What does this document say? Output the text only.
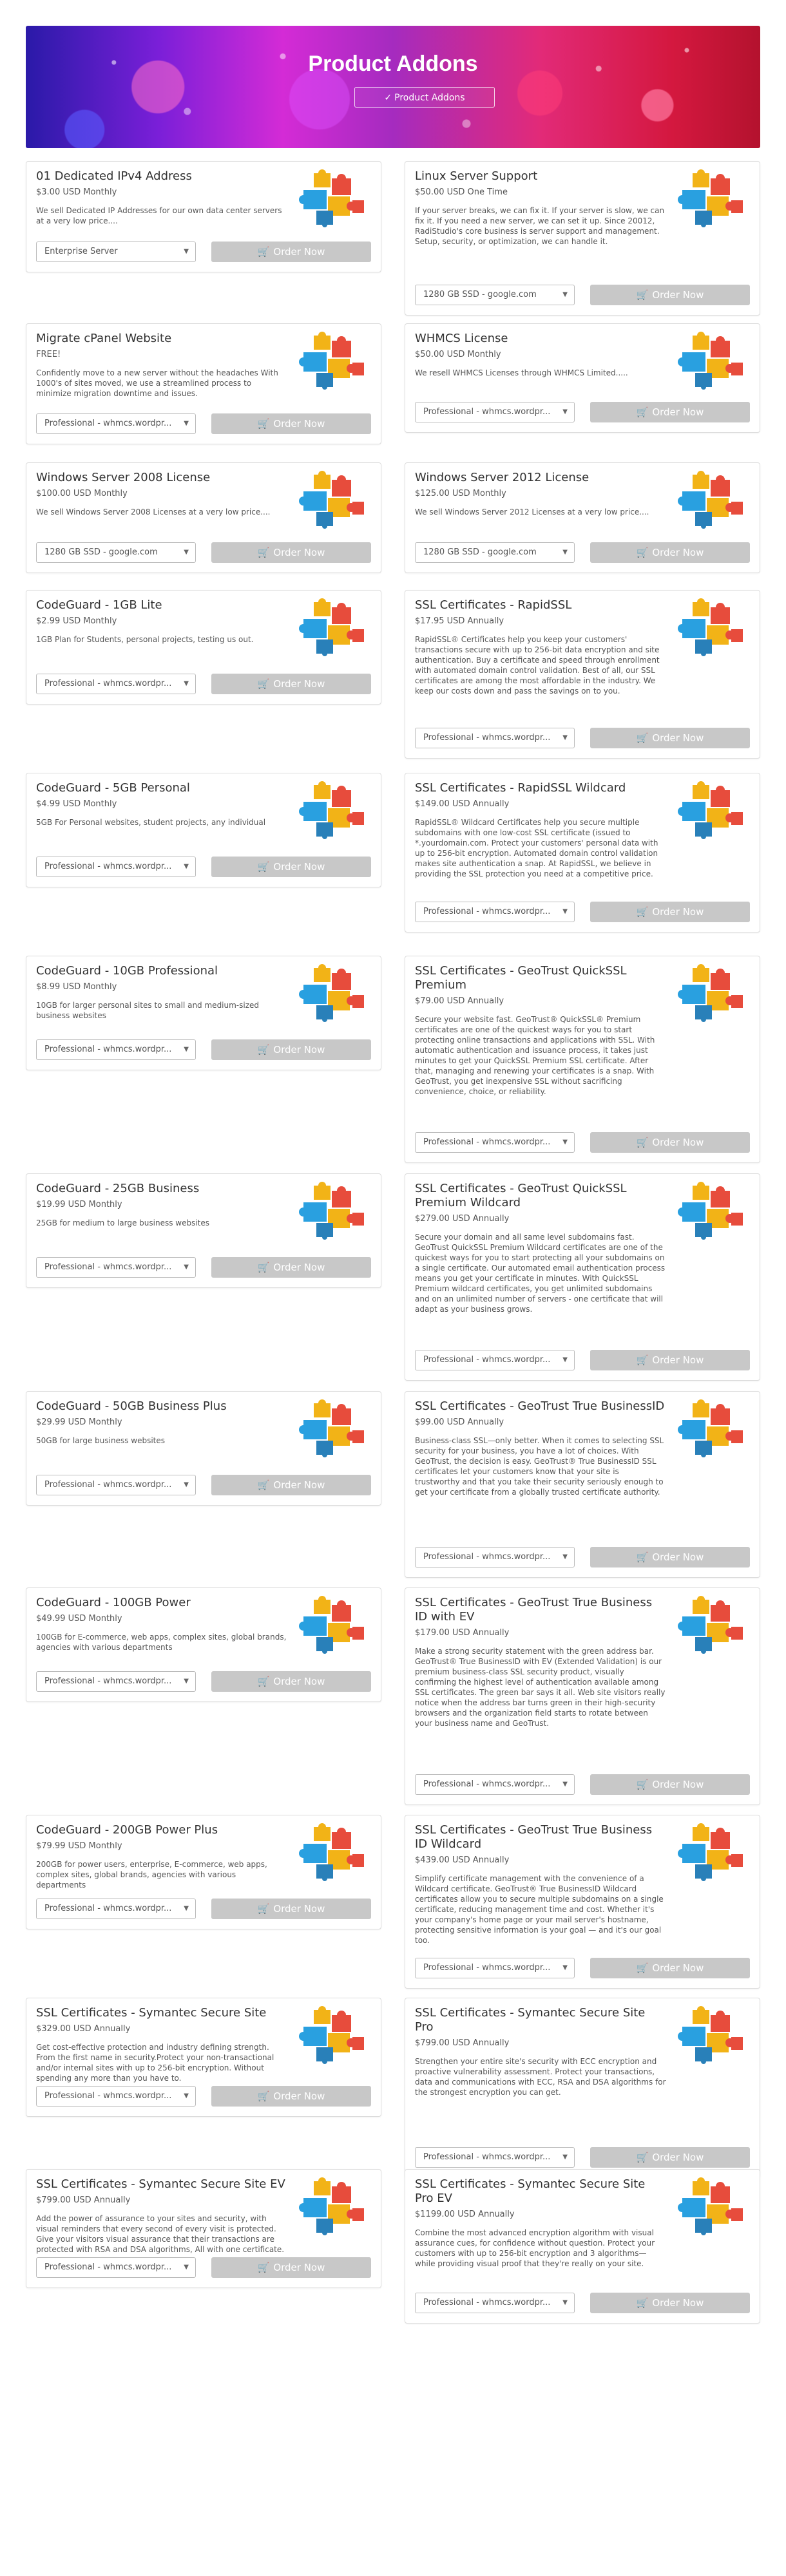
Product Addons
✓ Product Addons
01 Dedicated IPv4 Address
$3.00 USD Monthly
We sell Dedicated IP Addresses for our own data center servers at a very low price....
Enterprise Server	▼	🛒 Order Now
Linux Server Support
$50.00 USD One Time
If your server breaks, we can fix it. If your server is slow, we can fix it. If you need a new server, we can set it up. Since 20012, RadiStudio's core business is server support and management. Setup, security, or optimization, we can handle it.
1280 GB SSD - google.com	▼	🛒 Order Now
Migrate cPanel Website
FREE!
Confidently move to a new server without the headaches With 1000's of sites moved, we use a streamlined process to minimize migration downtime and issues.
Professional - whmcs.wordpr... ▼	🛒 Order Now
WHMCS License
$50.00 USD Monthly
We resell WHMCS Licenses through WHMCS Limited.....
Professional - whmcs.wordpr... ▼	🛒 Order Now
Windows Server 2008 License
$100.00 USD Monthly
We sell Windows Server 2008 Licenses at a very low price....
1280 GB SSD - google.com	▼	🛒 Order Now
Windows Server 2012 License
$125.00 USD Monthly
We sell Windows Server 2012 Licenses at a very low price....
1280 GB SSD - google.com	▼	🛒 Order Now
CodeGuard - 1GB Lite
$2.99 USD Monthly
1GB Plan for Students, personal projects, testing us out.
Professional - whmcs.wordpr... ▼	🛒 Order Now
SSL Certificates - RapidSSL
$17.95 USD Annually
RapidSSL® Certificates help you keep your customers' transactions secure with up to 256-bit data encryption and site authentication. Buy a certificate and speed through enrollment with automated domain control validation. Best of all, our SSL certificates are among the most affordable in the industry. We keep our costs down and pass the savings on to you.
Professional - whmcs.wordpr... ▼	🛒 Order Now
CodeGuard - 5GB Personal
$4.99 USD Monthly
5GB For Personal websites, student projects, any individual
Professional - whmcs.wordpr... ▼	🛒 Order Now
SSL Certificates - RapidSSL Wildcard
$149.00 USD Annually
RapidSSL® Wildcard Certificates help you secure multiple subdomains with one low-cost SSL certificate (issued to *.yourdomain.com. Protect your customers' personal data with up to 256-bit encryption. Automated domain control validation makes site authentication a snap. At RapidSSL, we believe in providing the SSL protection you need at a competitive price.
Professional - whmcs.wordpr... ▼	🛒 Order Now
CodeGuard - 10GB Professional
$8.99 USD Monthly
10GB for larger personal sites to small and medium-sized business websites
Professional - whmcs.wordpr... ▼	🛒 Order Now
SSL Certificates - GeoTrust QuickSSL Premium
$79.00 USD Annually
Secure your website fast. GeoTrust® QuickSSL® Premium certificates are one of the quickest ways for you to start protecting online transactions and applications with SSL. With automatic authentication and issuance process, it takes just minutes to get your QuickSSL Premium SSL certificate. After that, managing and renewing your certificates is a snap. With GeoTrust, you get inexpensive SSL without sacrificing convenience, choice, or reliability.
Professional - whmcs.wordpr... ▼	🛒 Order Now
CodeGuard - 25GB Business
$19.99 USD Monthly
25GB for medium to large business websites
Professional - whmcs.wordpr... ▼	🛒 Order Now
SSL Certificates - GeoTrust QuickSSL Premium Wildcard
$279.00 USD Annually
Secure your domain and all same level subdomains fast. GeoTrust QuickSSL Premium Wildcard certificates are one of the quickest ways for you to start protecting all your subdomains on a single certificate. Our automated email authentication process means you get your certificate in minutes. With QuickSSL Premium wildcard certificates, you get unlimited subdomains and on an unlimited number of servers - one certificate that will adapt as your business grows.
Professional - whmcs.wordpr... ▼	🛒 Order Now
CodeGuard - 50GB Business Plus
$29.99 USD Monthly
50GB for large business websites
Professional - whmcs.wordpr... ▼	🛒 Order Now
SSL Certificates - GeoTrust True BusinessID
$99.00 USD Annually
Business-class SSL—only better. When it comes to selecting SSL security for your business, you have a lot of choices. With GeoTrust, the decision is easy. GeoTrust® True BusinessID SSL certificates let your customers know that your site is trustworthy and that you take their security seriously enough to get your certificate from a globally trusted certificate authority.
Professional - whmcs.wordpr... ▼	🛒 Order Now
CodeGuard - 100GB Power
$49.99 USD Monthly
100GB for E-commerce, web apps, complex sites, global brands, agencies with various departments
Professional - whmcs.wordpr... ▼	🛒 Order Now
SSL Certificates - GeoTrust True Business ID with EV
$179.00 USD Annually
Make a strong security statement with the green address bar. GeoTrust® True BusinessID with EV (Extended Validation) is our premium business-class SSL security product, visually confirming the highest level of authentication available among SSL certificates. The green bar says it all. Web site visitors really notice when the address bar turns green in their high-security browsers and the organization field starts to rotate between your business name and GeoTrust.
Professional - whmcs.wordpr... ▼	🛒 Order Now
CodeGuard - 200GB Power Plus
$79.99 USD Monthly
200GB for power users, enterprise, E-commerce, web apps, complex sites, global brands, agencies with various departments
Professional - whmcs.wordpr... ▼	🛒 Order Now
SSL Certificates - GeoTrust True Business ID Wildcard
$439.00 USD Annually
Simplify certificate management with the convenience of a Wildcard certificate. GeoTrust® True BusinessID Wildcard certificates allow you to secure multiple subdomains on a single certificate, reducing management time and cost. Whether it's your company's home page or your mail server's hostname, protecting sensitive information is your goal — and it's our goal too.
Professional - whmcs.wordpr... ▼	🛒 Order Now
SSL Certificates - Symantec Secure Site
$329.00 USD Annually
Get cost-effective protection and industry defining strength. From the first name in security.Protect your non-transactional and/or internal sites with up to 256-bit encryption. Without spending any more than you have to.
Professional - whmcs.wordpr... ▼	🛒 Order Now
SSL Certificates - Symantec Secure Site Pro
$799.00 USD Annually
Strengthen your entire site's security with ECC encryption and proactive vulnerability assessment. Protect your transactions, data and communications with ECC, RSA and DSA algorithms for the strongest encryption you can get.
Professional - whmcs.wordpr... ▼	🛒 Order Now
SSL Certificates - Symantec Secure Site EV
$799.00 USD Annually
Add the power of assurance to your sites and security, with visual reminders that every second of every visit is protected. Give your visitors visual assurance that their transactions are protected with RSA and DSA algorithms, All with one certificate.
Professional - whmcs.wordpr... ▼	🛒 Order Now
SSL Certificates - Symantec Secure Site Pro EV
$1199.00 USD Annually
Combine the most advanced encryption algorithm with visual assurance cues, for confidence without question. Protect your customers with up to 256-bit encryption and 3 algorithms—while providing visual proof that they're really on your site.
Professional - whmcs.wordpr... ▼	🛒 Order Now
